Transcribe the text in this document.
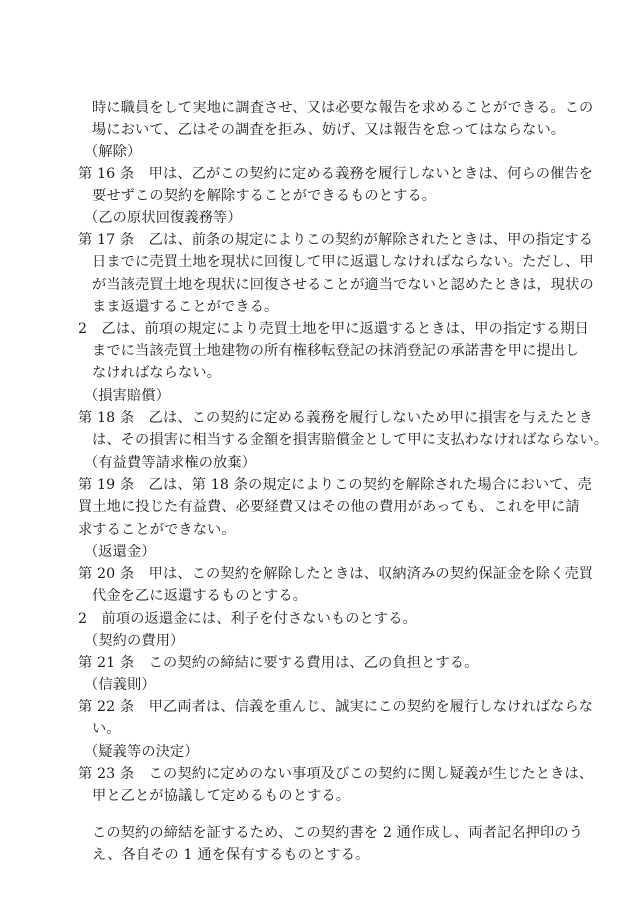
時に職員をして実地に調査させ、又は必要な報告を求めることができる。この
場において、乙はその調査を拒み、妨げ、又は報告を怠ってはならない。
（解除）
第 16 条　甲は、乙がこの契約に定める義務を履行しないときは、何らの催告を
要せずこの契約を解除することができるものとする。
（乙の原状回復義務等）
第 17 条　乙は、前条の規定によりこの契約が解除されたときは、甲の指定する
日までに売買土地を現状に回復して甲に返還しなければならない。ただし、甲
が当該売買土地を現状に回復させることが適当でないと認めたときは，現状の
まま返還することができる。
2　乙は、前項の規定により売買土地を甲に返還するときは、甲の指定する期日
までに当該売買土地建物の所有権移転登記の抹消登記の承諾書を甲に提出し
なければならない。
（損害賠償）
第 18 条　乙は、この契約に定める義務を履行しないため甲に損害を与えたとき
は、その損害に相当する金額を損害賠償金として甲に支払わなければならない。
（有益費等請求権の放棄）
第 19 条　乙は、第 18 条の規定によりこの契約を解除された場合において、売
買土地に投じた有益費、必要経費又はその他の費用があっても、これを甲に請
求することができない。
（返還金）
第 20 条　甲は、この契約を解除したときは、収納済みの契約保証金を除く売買
代金を乙に返還するものとする。
2　前項の返還金には、利子を付さないものとする。
（契約の費用）
第 21 条　この契約の締結に要する費用は、乙の負担とする。
（信義則）
第 22 条　甲乙両者は、信義を重んじ、誠実にこの契約を履行しなければならな
い。
（疑義等の決定）
第 23 条　この契約に定めのない事項及びこの契約に関し疑義が生じたときは、
甲と乙とが協議して定めるものとする。
この契約の締結を証するため、この契約書を 2 通作成し、両者記名押印のう
え、各自その 1 通を保有するものとする。
